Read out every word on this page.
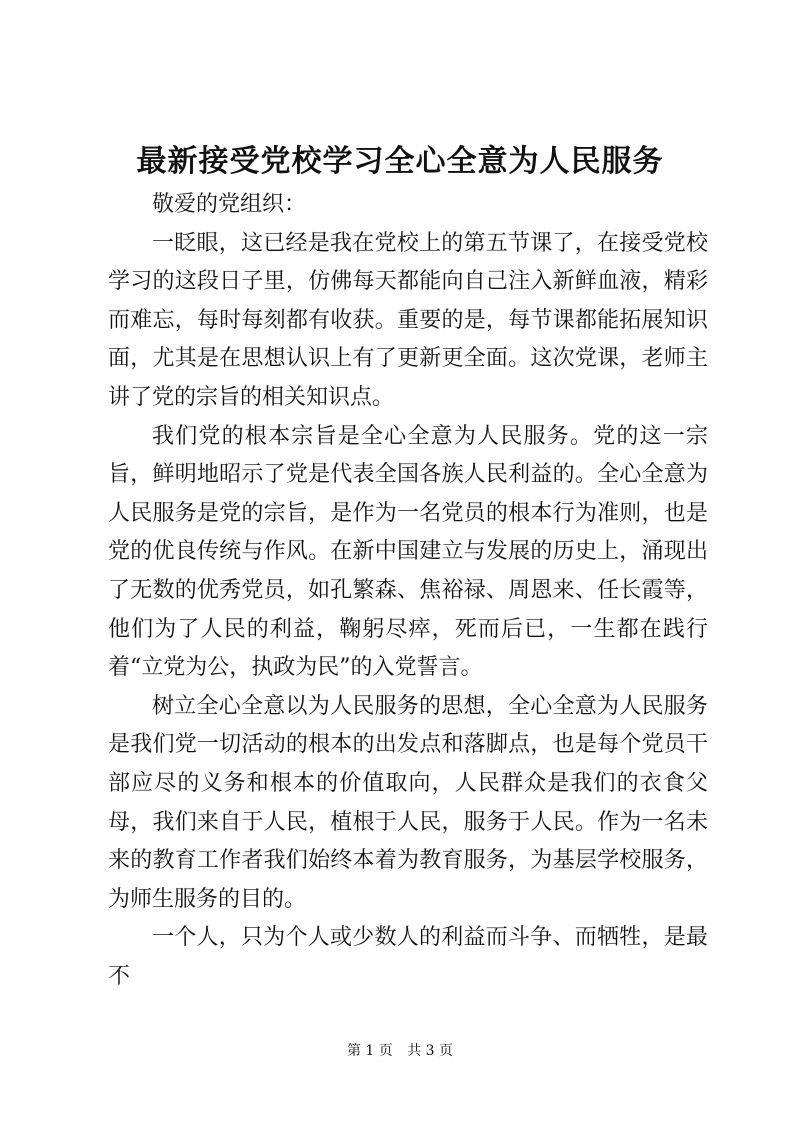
最新接受党校学习全心全意为人民服务

敬爱的党组织：

一眨眼，这已经是我在党校上的第五节课了，在接受党校学习的这段日子里，仿佛每天都能向自己注入新鲜血液，精彩而难忘，每时每刻都有收获。重要的是，每节课都能拓展知识面，尤其是在思想认识上有了更新更全面。这次党课，老师主讲了党的宗旨的相关知识点。

我们党的根本宗旨是全心全意为人民服务。党的这一宗旨，鲜明地昭示了党是代表全国各族人民利益的。全心全意为人民服务是党的宗旨，是作为一名党员的根本行为准则，也是党的优良传统与作风。在新中国建立与发展的历史上，涌现出了无数的优秀党员，如孔繁森、焦裕禄、周恩来、任长霞等，他们为了人民的利益，鞠躬尽瘁，死而后已，一生都在践行着“立党为公，执政为民”的入党誓言。

树立全心全意以为人民服务的思想，全心全意为人民服务是我们党一切活动的根本的出发点和落脚点，也是每个党员干部应尽的义务和根本的价值取向，人民群众是我们的衣食父母，我们来自于人民，植根于人民，服务于人民。作为一名未来的教育工作者我们始终本着为教育服务，为基层学校服务，为师生服务的目的。

一个人，只为个人或少数人的利益而斗争、而牺牲，是最不

第 1 页 共 3 页
